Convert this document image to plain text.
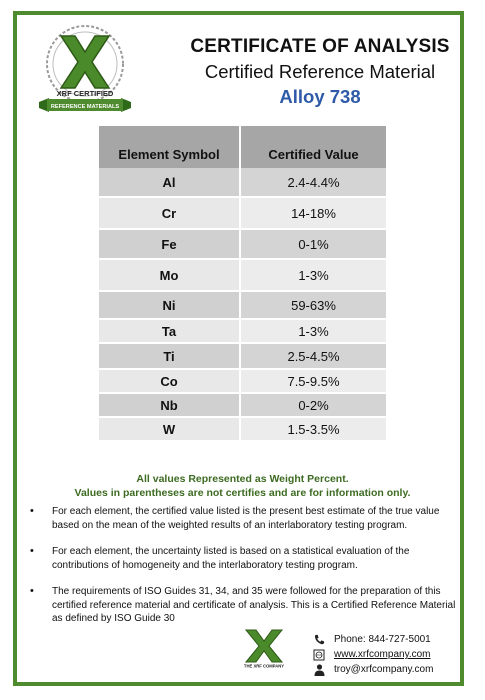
XRF CERTIFIED
REFERENCE MATERIALS
CERTIFICATE OF ANALYSIS
Certified Reference Material
Alloy 738
Element Symbol	Certified Value
Al	2.4-4.4%
Cr	14-18%
Fe	0-1%
Mo	1-3%
Ni	59-63%
Ta	1-3%
Ti	2.5-4.5%
Co	7.5-9.5%
Nb	0-2%
W	1.5-3.5%
All values Represented as Weight Percent.
Values in parentheses are not certifies and are for information only.
•	For each element, the certified value listed is the present best estimate of the true value based on the mean of the weighted results of an interlaboratory testing program.
•	For each element, the uncertainty listed is based on a statistical evaluation of the contributions of homogeneity and the interlaboratory testing program.
•	The requirements of ISO Guides 31, 34, and 35 were followed for the preparation of this certified reference material and certificate of analysis. This is a Certified Reference Material as defined by ISO Guide 30
THE XRF COMPANY
Phone: 844-727-5001
www.xrfcompany.com
troy@xrfcompany.com
